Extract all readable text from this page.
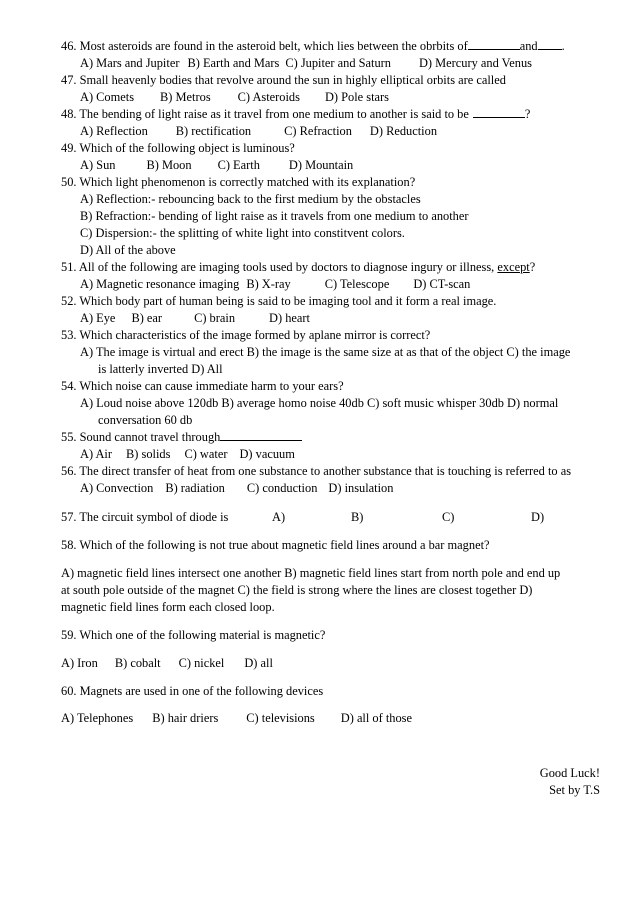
46. Most asteroids are found in the asteroid belt, which lies between the obrbits of	and .
A) Mars and Jupiter B) Earth and Mars C) Jupiter and Saturn D) Mercury and Venus
47. Small heavenly bodies that revolve around the sun in highly elliptical orbits are called
A) Comets B) Metros C) Asteroids D) Pole stars
48. The bending of light raise as it travel from one medium to another is said to be	?
A) Reflection B) rectification	C) Refraction D) Reduction
49. Which of the following object is luminous?
A) Sun	B) Moon C) Earth D) Mountain
50. Which light phenomenon is correctly matched with its explanation?
A) Reflection:- rebouncing back to the first medium by the obstacles
B) Refraction:- bending of light raise as it travels from one medium to another
C) Dispersion:- the splitting of white light into constitvent colors.
D) All of the above
51. All of the following are imaging tools used by doctors to diagnose ingury or illness, except?
A) Magnetic resonance imaging B) X-ray	C) Telescope D) CT-scan
52. Which body part of human being is said to be imaging tool and it form a real image.
A) Eye B) ear	C) brain	D) heart
53. Which characteristics of the image formed by aplane mirror is correct?
A) The image is virtual and erect B) the image is the same size at as that of the object C) the image
is latterly inverted D) All
54. Which noise can cause immediate harm to your ears?
A) Loud noise above 120db B) average homo noise 40db C) soft music whisper 30db D) normal
conversation 60 db
55. Sound cannot travel through
A) Air B) solids C) water D) vacuum
56. The direct transfer of heat from one substance to another substance that is touching is referred to as
A) Convection B) radiation C) conduction D) insulation
57. The circuit symbol of diode is	A)	B)	C)	D)
58. Which of the following is not true about magnetic field lines around a bar magnet?
A) magnetic field lines intersect one another B) magnetic field lines start from north pole and end up
at south pole outside of the magnet C) the field is strong where the lines are closest together D)
magnetic field lines form each closed loop.
59. Which one of the following material is magnetic?
A) Iron B) cobalt C) nickel D) all
60. Magnets are used in one of the following devices
A) Telephones B) hair driers C) televisions D) all of those
Good Luck!
Set by T.S
